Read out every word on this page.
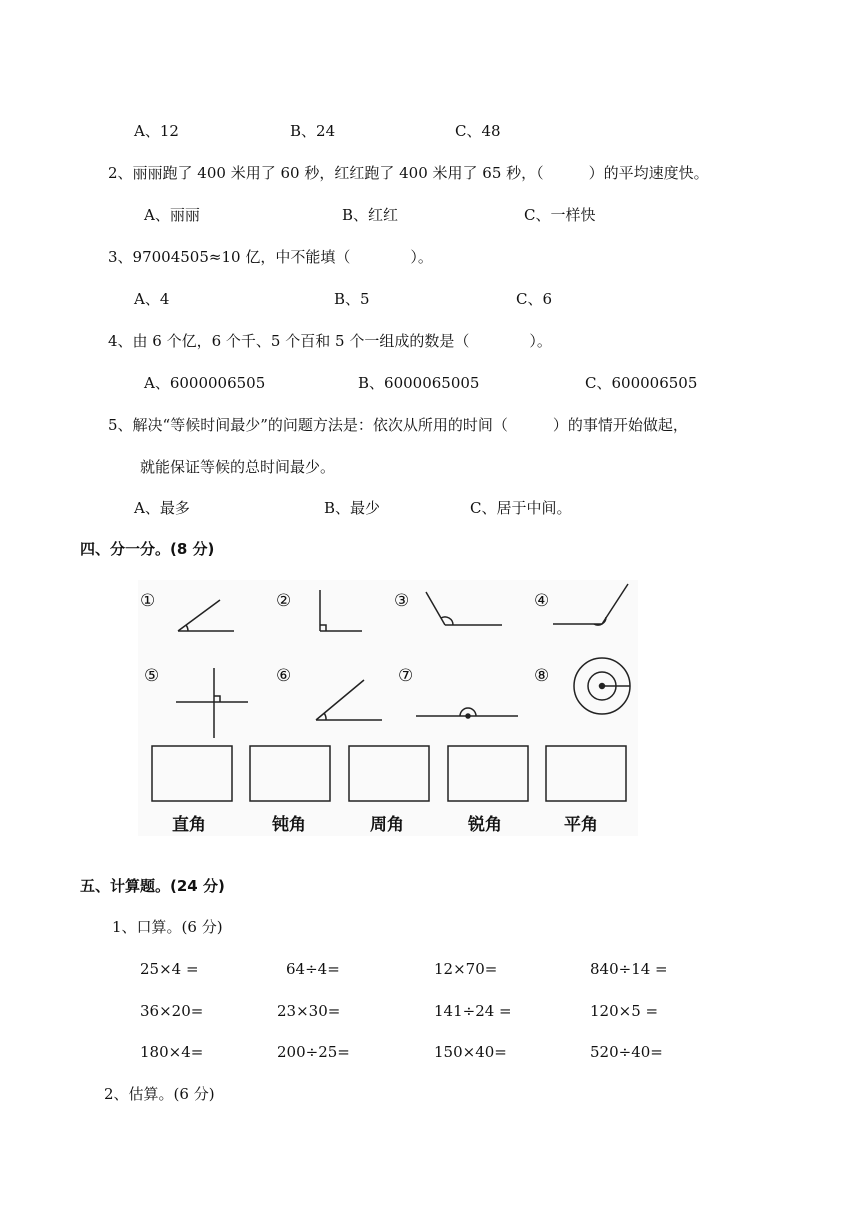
A、12	B、24	C、48
2、丽丽跑了 400 米用了 60 秒，红红跑了 400 米用了 65 秒，（　　　）的平均速度快。
A、丽丽	B、红红	C、一样快
3、97004505≈10 亿，中不能填（　　　　）。
A、4	B、5	C、6
4、由 6 个亿，6 个千、5 个百和 5 个一组成的数是（　　　　）。
A、6000006505	B、6000065005	C、600006505
5、解决“等候时间最少”的问题方法是：依次从所用的时间（　　　）的事情开始做起，
就能保证等候的总时间最少。
A、最多	B、最少	C、居于中间。
四、分一分。(8 分)
①	②	③	④
⑤	⑥	⑦	⑧
直角	钝角	周角	锐角	平角
五、计算题。(24 分)
1、口算。(6 分)
25×4 =	64÷4=	12×70=	840÷14 =
36×20=	23×30=	141÷24 =	120×5 =
180×4=	200÷25=	150×40=	520÷40=
2、估算。(6 分)
